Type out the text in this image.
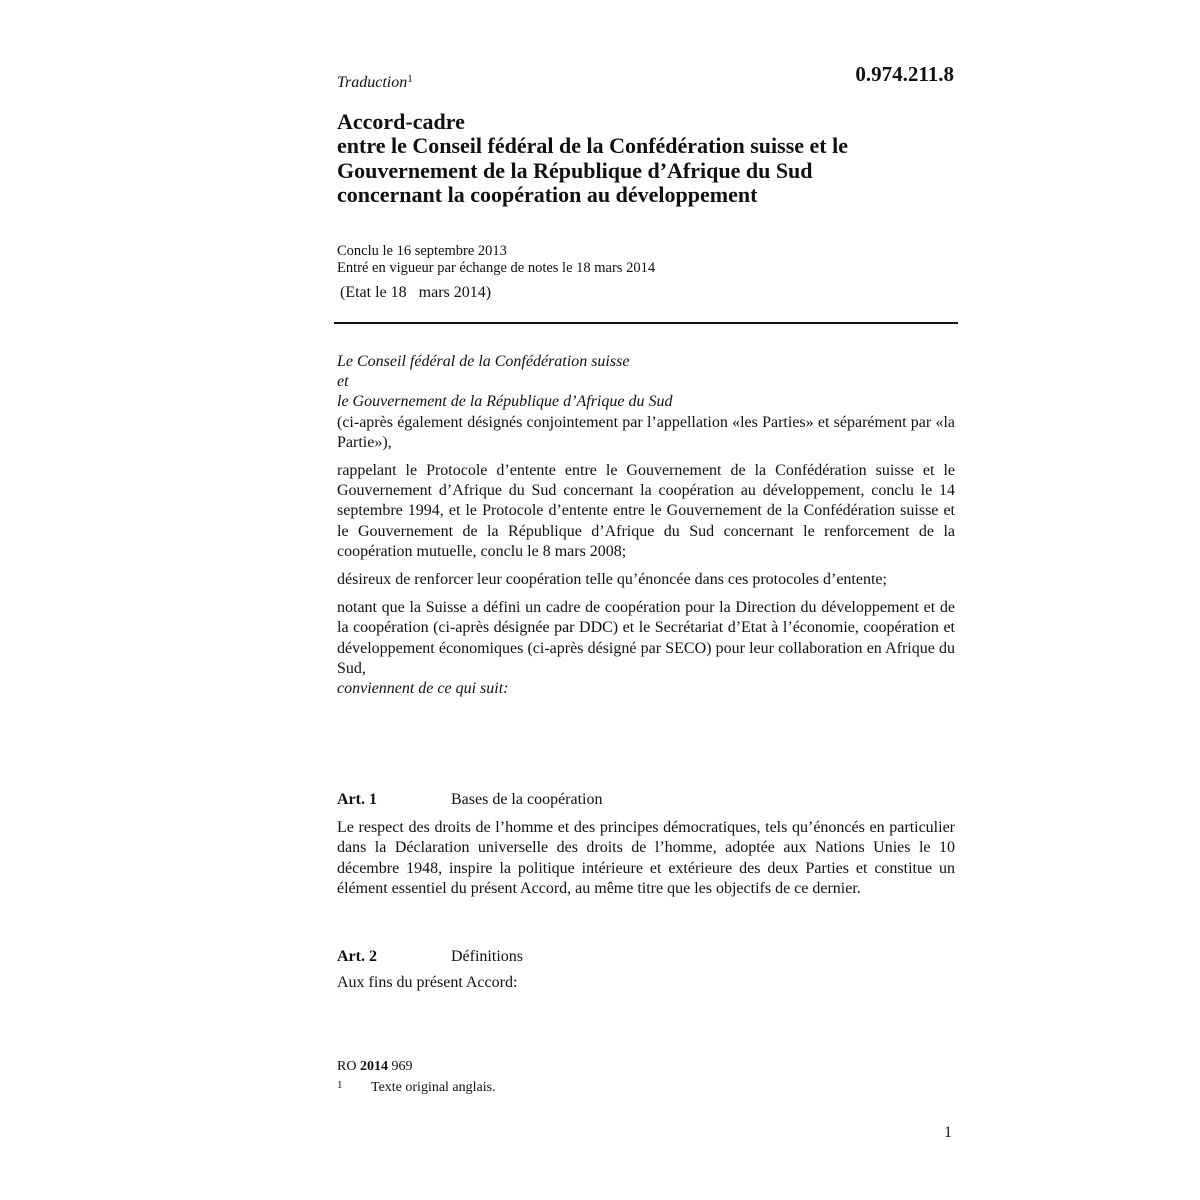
Traduction$^1$	0.974.211.8
Accord-cadre
entre le Conseil fédéral de la Confédération suisse et le
Gouvernement de la République d’Afrique du Sud
concernant la coopération au développement
Conclu le 16 septembre 2013
Entré en vigueur par échange de notes le 18 mars 2014
(Etat le 18   mars 2014)

Le Conseil fédéral de la Confédération suisse

et

le Gouvernement de la République d’Afrique du Sud

(ci-après également désignés conjointement par l’appellation «les Parties» et séparément par «la Partie»),

rappelant le Protocole d’entente entre le Gouvernement de la Confédération suisse et le Gouvernement d’Afrique du Sud concernant la coopération au développement, conclu le 14 septembre 1994, et le Protocole d’entente entre le Gouvernement de la Confédération suisse et le Gouvernement de la République d’Afrique du Sud concernant le renforcement de la coopération mutuelle, conclu le 8 mars 2008;

désireux de renforcer leur coopération telle qu’énoncée dans ces protocoles d’entente;

notant que la Suisse a défini un cadre de coopération pour la Direction du développement et de la coopération (ci-après désignée par DDC) et le Secrétariat d’Etat à l’économie, coopération et développement économiques (ci-après désigné par SECO) pour leur collaboration en Afrique du Sud,

conviennent de ce qui suit:

Art. 1	Bases de la coopération
Le respect des droits de l’homme et des principes démocratiques, tels qu’énoncés en particulier dans la Déclaration universelle des droits de l’homme, adoptée aux Nations Unies le 10 décembre 1948, inspire la politique intérieure et extérieure des deux Parties et constitue un élément essentiel du présent Accord, au même titre que les objectifs de ce dernier.
Art. 2	Définitions
Aux fins du présent Accord:
RO 2014 969
1	Texte original anglais.
1
